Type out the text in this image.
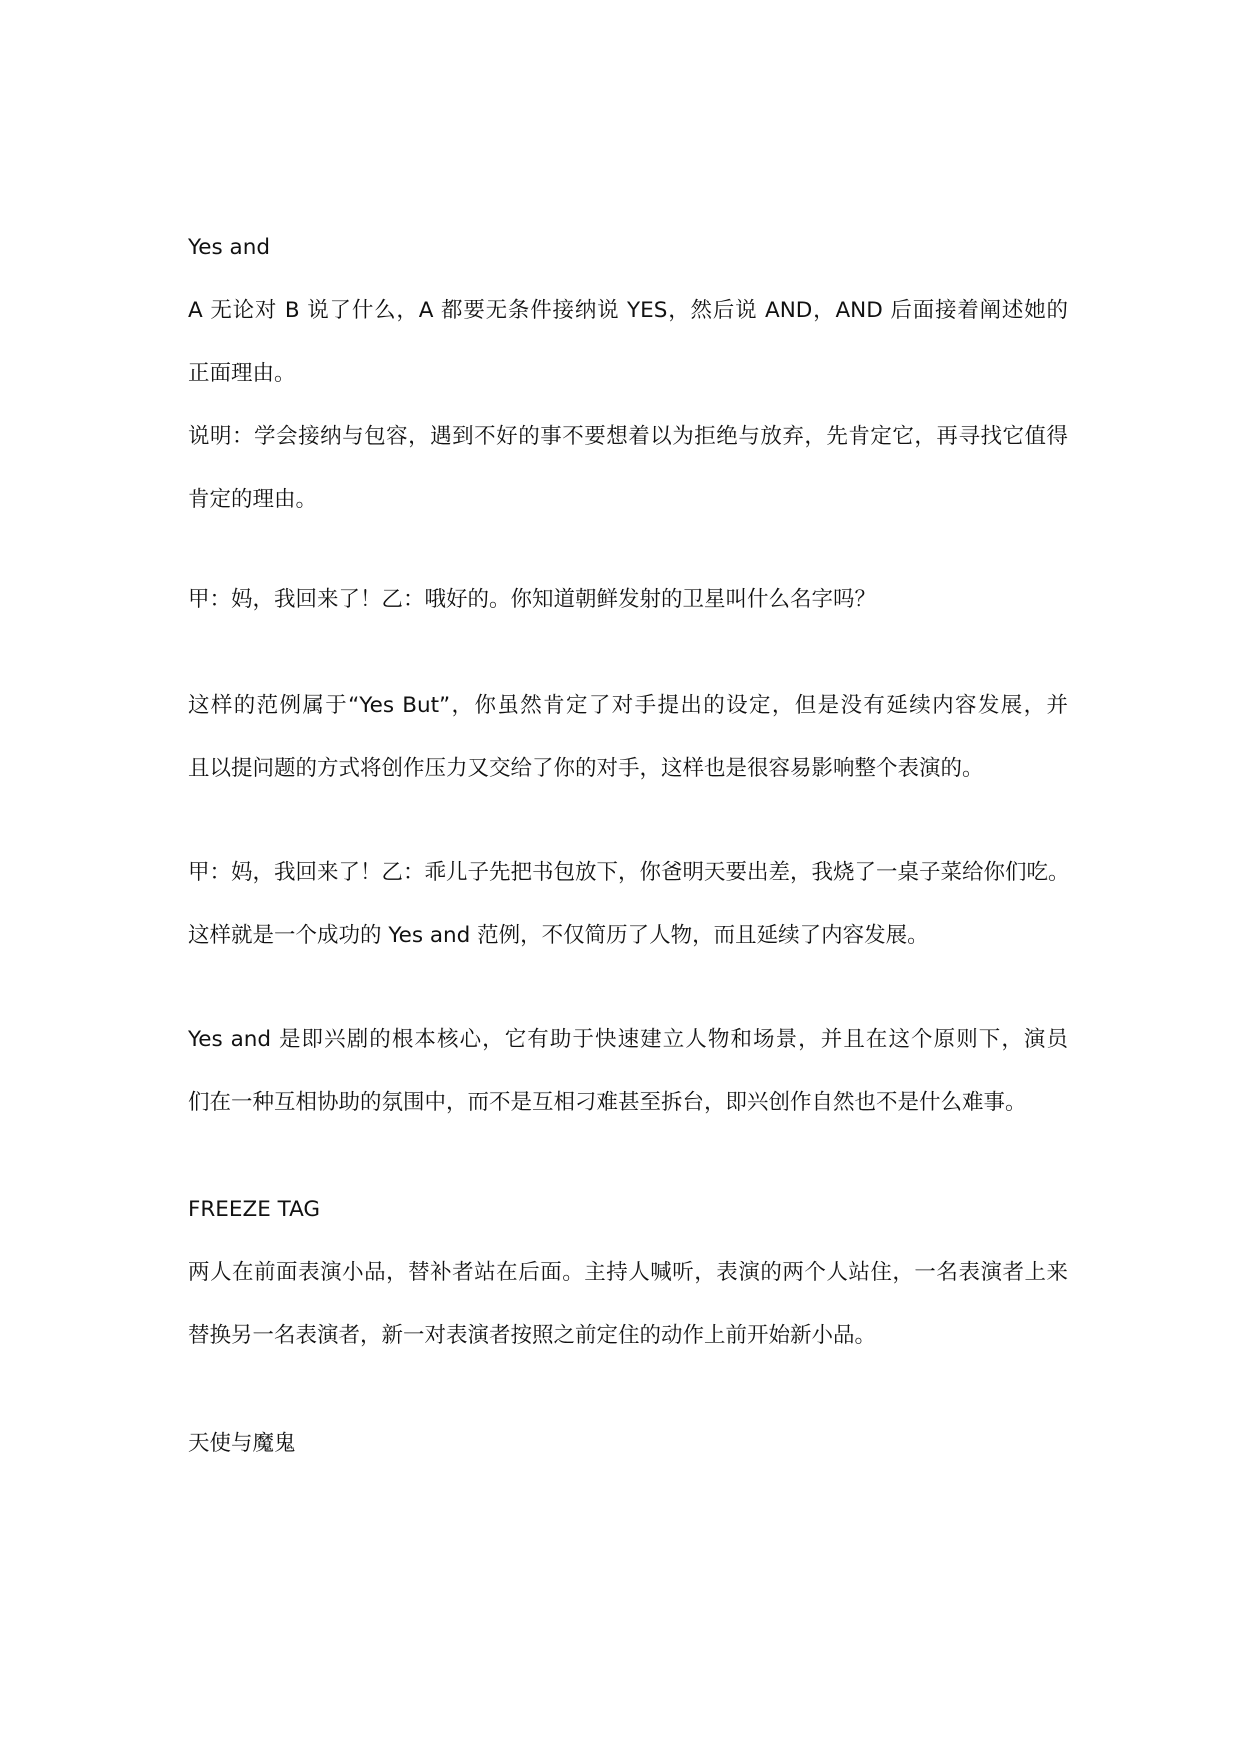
Yes and

A 无论对 B 说了什么，A 都要无条件接纳说 YES，然后说 AND，AND 后面接着阐述她的

正面理由。

说明：学会接纳与包容，遇到不好的事不要想着以为拒绝与放弃，先肯定它，再寻找它值得

肯定的理由。

甲：妈，我回来了！乙：哦好的。你知道朝鲜发射的卫星叫什么名字吗？

这样的范例属于“Yes But”，你虽然肯定了对手提出的设定，但是没有延续内容发展，并

且以提问题的方式将创作压力又交给了你的对手，这样也是很容易影响整个表演的。

甲：妈，我回来了！乙：乖儿子先把书包放下，你爸明天要出差，我烧了一桌子菜给你们吃。

这样就是一个成功的 Yes and 范例，不仅简历了人物，而且延续了内容发展。

Yes and 是即兴剧的根本核心，它有助于快速建立人物和场景，并且在这个原则下，演员

们在一种互相协助的氛围中，而不是互相刁难甚至拆台，即兴创作自然也不是什么难事。

FREEZE TAG

两人在前面表演小品，替补者站在后面。主持人喊听，表演的两个人站住，一名表演者上来

替换另一名表演者，新一对表演者按照之前定住的动作上前开始新小品。

天使与魔鬼
